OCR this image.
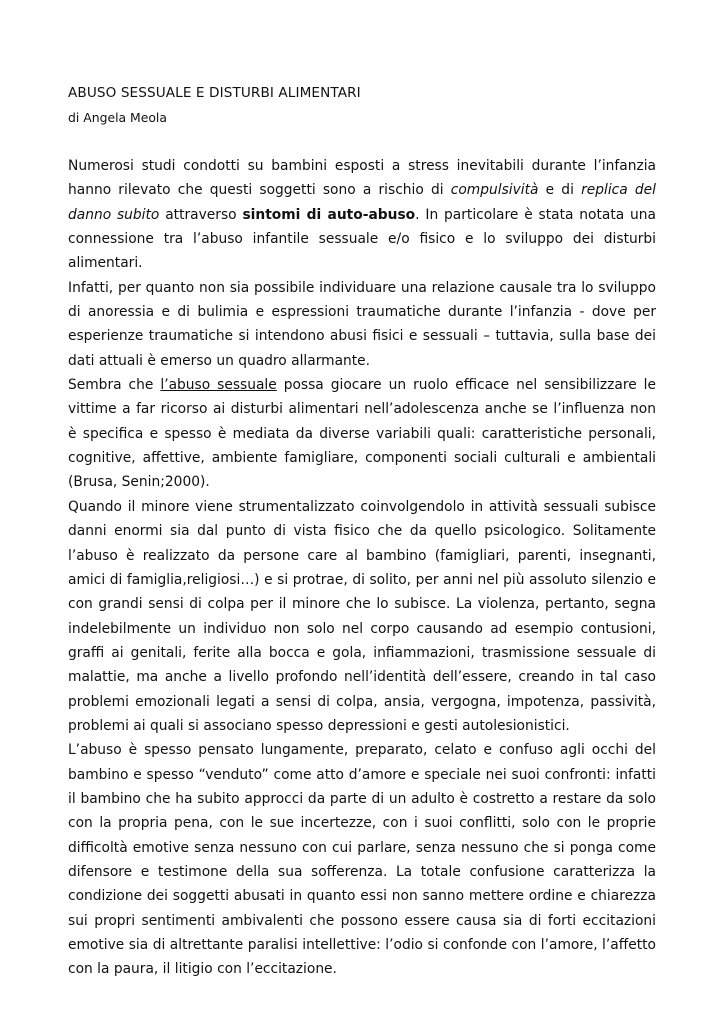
ABUSO SESSUALE E DISTURBI ALIMENTARI
di Angela Meola

Numerosi studi condotti su bambini esposti a stress inevitabili durante l’infanzia hanno rilevato che questi soggetti sono a rischio di compulsività e di replica del danno subito attraverso sintomi di auto-abuso. In particolare è stata notata una connessione tra l’abuso infantile sessuale e/o fisico e lo sviluppo dei disturbi alimentari.

Infatti, per quanto non sia possibile individuare una relazione causale tra lo sviluppo di anoressia e di bulimia e espressioni traumatiche durante l’infanzia - dove per esperienze traumatiche si intendono abusi fisici e sessuali – tuttavia, sulla base dei dati attuali è emerso un quadro allarmante.

Sembra che l’abuso sessuale possa giocare un ruolo efficace nel sensibilizzare le vittime a far ricorso ai disturbi alimentari nell’adolescenza anche se l’influenza non è specifica e spesso è mediata da diverse variabili quali: caratteristiche personali, cognitive, affettive, ambiente famigliare, componenti sociali culturali e ambientali (Brusa, Senin;2000).

Quando il minore viene strumentalizzato coinvolgendolo in attività sessuali subisce danni enormi sia dal punto di vista fisico che da quello psicologico. Solitamente l’abuso è realizzato da persone care al bambino (famigliari, parenti, insegnanti, amici di famiglia,religiosi…) e si protrae, di solito, per anni nel più assoluto silenzio e con grandi sensi di colpa per il minore che lo subisce. La violenza, pertanto, segna indelebilmente un individuo non solo nel corpo causando ad esempio contusioni, graffi ai genitali, ferite alla bocca e gola, infiammazioni, trasmissione sessuale di malattie, ma anche a livello profondo nell’identità dell’essere, creando in tal caso problemi emozionali legati a sensi di colpa, ansia, vergogna, impotenza, passività, problemi ai quali si associano spesso depressioni e gesti autolesionistici.

L’abuso è spesso pensato lungamente, preparato, celato e confuso agli occhi del bambino e spesso “venduto” come atto d’amore e speciale nei suoi confronti: infatti il bambino che ha subito approcci da parte di un adulto è costretto a restare da solo con la propria pena, con le sue incertezze, con i suoi conflitti, solo con le proprie difficoltà emotive senza nessuno con cui parlare, senza nessuno che si ponga come difensore e testimone della sua sofferenza. La totale confusione caratterizza la condizione dei soggetti abusati in quanto essi non sanno mettere ordine e chiarezza sui propri sentimenti ambivalenti che possono essere causa sia di forti eccitazioni emotive sia di altrettante paralisi intellettive: l’odio si confonde con l’amore, l’affetto con la paura, il litigio con l’eccitazione.
